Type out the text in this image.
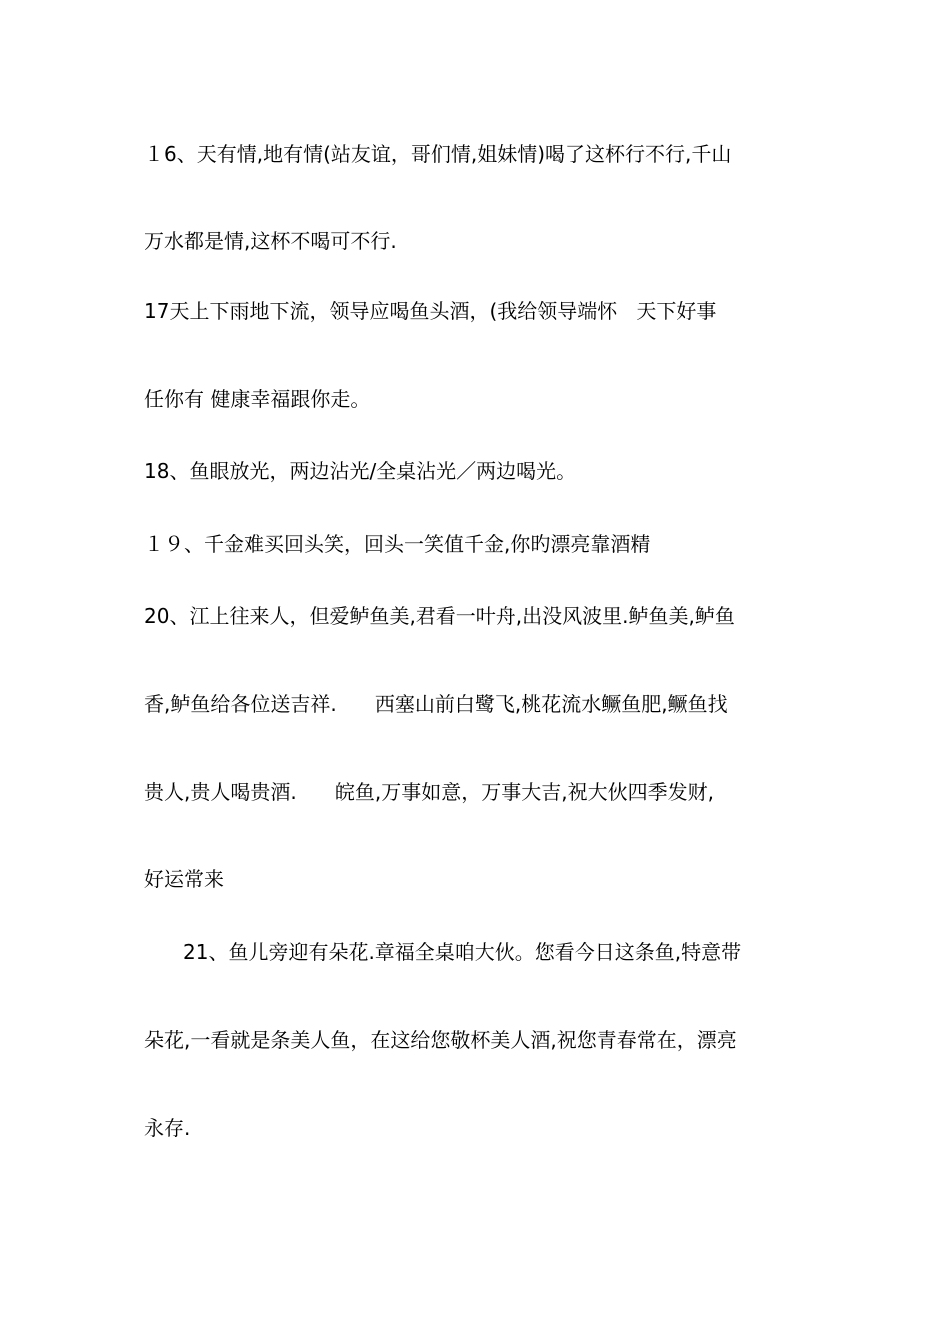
１6、天有情,地有情(站友谊，哥们情,姐妹情)喝了这杯行不行,千山
万水都是情,这杯不喝可不行.
17天上下雨地下流，领导应喝鱼头酒，(我给领导端怀   天下好事
任你有 健康幸福跟你走。
18、鱼眼放光，两边沾光/全桌沾光／两边喝光。
１９、千金难买回头笑，回头一笑值千金,你旳漂亮靠酒精
20、江上往来人，但爱鲈鱼美,君看一叶舟,出没风波里.鲈鱼美,鲈鱼
香,鲈鱼给各位送吉祥.      西塞山前白鹭飞,桃花流水鳜鱼肥,鳜鱼找
贵人,贵人喝贵酒.      皖鱼,万事如意，万事大吉,祝大伙四季发财,
好运常来
21、鱼儿旁迎有朵花.章福全桌咱大伙。您看今日这条鱼,特意带
朵花,一看就是条美人鱼，在这给您敬杯美人酒,祝您青春常在，漂亮
永存.
